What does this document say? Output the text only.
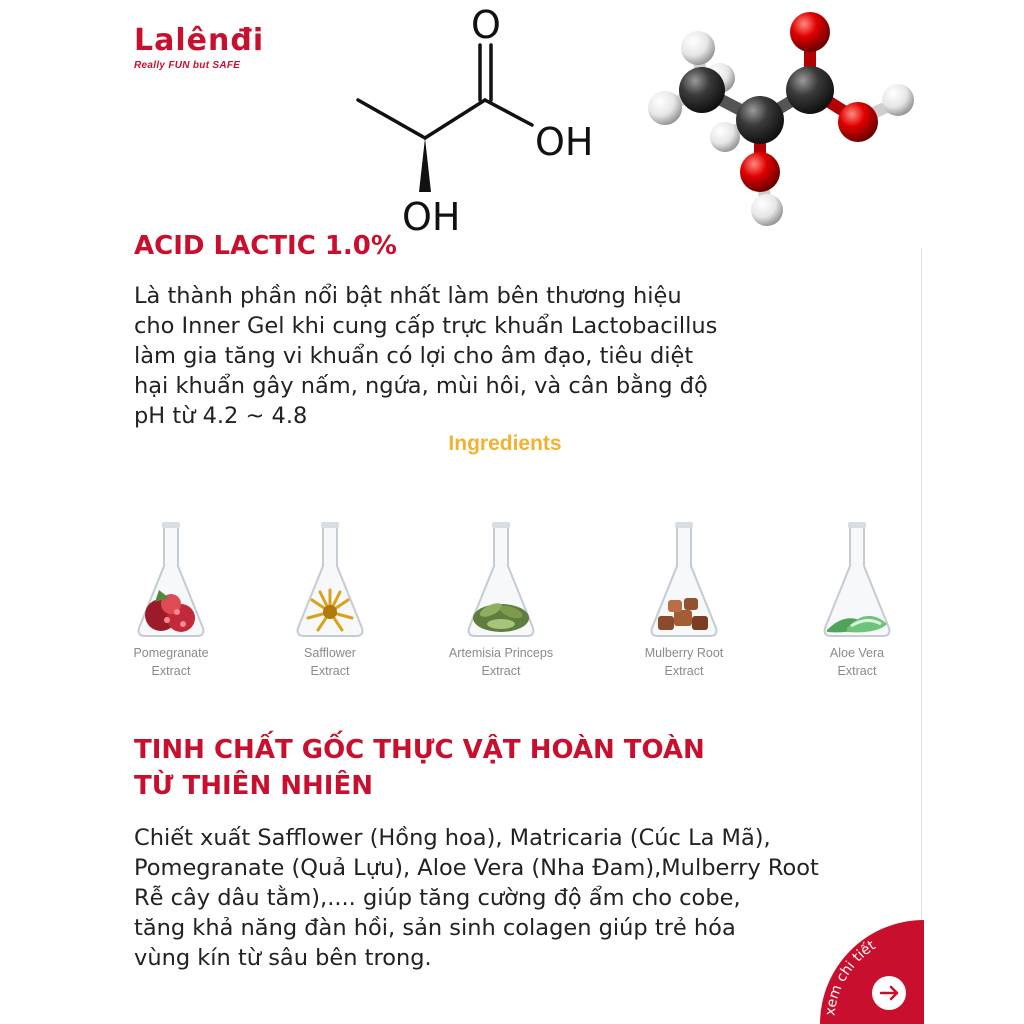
Lalênđi
Really FUN but SAFE
O
OH
OH
ACID LACTIC 1.0%
Là thành phần nổi bật nhất làm bên thương hiệu
cho Inner Gel khi cung cấp trực khuẩn Lactobacillus
làm gia tăng vi khuẩn có lợi cho âm đạo, tiêu diệt
hại khuẩn gây nấm, ngứa, mùi hôi, và cân bằng độ
pH từ 4.2 ~ 4.8
Ingredients
Pomegranate
Extract
Safflower
Extract
Artemisia Princeps
Extract
Mulberry Root
Extract
Aloe Vera
Extract
TINH CHẤT GỐC THỰC VẬT HOÀN TOÀN
TỪ THIÊN NHIÊN
Chiết xuất Safflower (Hồng hoa), Matricaria (Cúc La Mã),
Pomegranate (Quả Lựu), Aloe Vera (Nha Đam),Mulberry Root
Rễ cây dâu tằm),.... giúp tăng cường độ ẩm cho cobe,
tăng khả năng đàn hồi, sản sinh colagen giúp trẻ hóa
vùng kín từ sâu bên trong.
xem chi tiết
